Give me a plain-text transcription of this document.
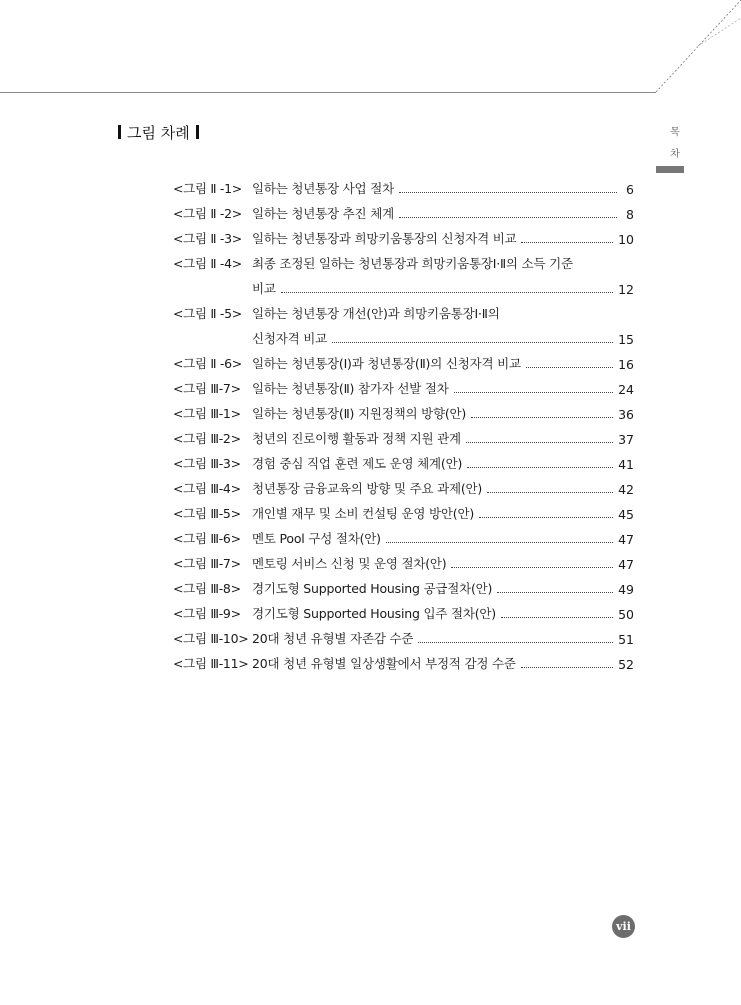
목
차
그림 차례
<그림 Ⅱ -1> 일하는 청년통장 사업 절차	6
<그림 Ⅱ -2> 일하는 청년통장 추진 체계	8
<그림 Ⅱ -3> 일하는 청년통장과 희망키움통장의 신청자격 비교	10
<그림 Ⅱ -4> 최종 조정된 일하는 청년통장과 희망키움통장Ⅰ·Ⅱ의 소득 기준
비교	12
<그림 Ⅱ -5> 일하는 청년통장 개선(안)과 희망키움통장Ⅰ·Ⅱ의
신청자격 비교	15
<그림 Ⅱ -6> 일하는 청년통장(Ⅰ)과 청년통장(Ⅱ)의 신청자격 비교	16
<그림 Ⅲ-7> 일하는 청년통장(Ⅱ) 참가자 선발 절차	24
<그림 Ⅲ-1> 일하는 청년통장(Ⅱ) 지원정책의 방향(안)	36
<그림 Ⅲ-2> 청년의 진로이행 활동과 정책 지원 관계	37
<그림 Ⅲ-3> 경험 중심 직업 훈련 제도 운영 체계(안)	41
<그림 Ⅲ-4> 청년통장 금융교육의 방향 및 주요 과제(안)	42
<그림 Ⅲ-5> 개인별 재무 및 소비 컨설팅 운영 방안(안)	45
<그림 Ⅲ-6> 멘토 Pool 구성 절차(안)	47
<그림 Ⅲ-7> 멘토링 서비스 신청 및 운영 절차(안)	47
<그림 Ⅲ-8> 경기도형 Supported Housing 공급절차(안)	49
<그림 Ⅲ-9> 경기도형 Supported Housing 입주 절차(안)	50
<그림 Ⅲ-10> 20대 청년 유형별 자존감 수준	51
<그림 Ⅲ-11> 20대 청년 유형별 일상생활에서 부정적 감정 수준	52
vii
